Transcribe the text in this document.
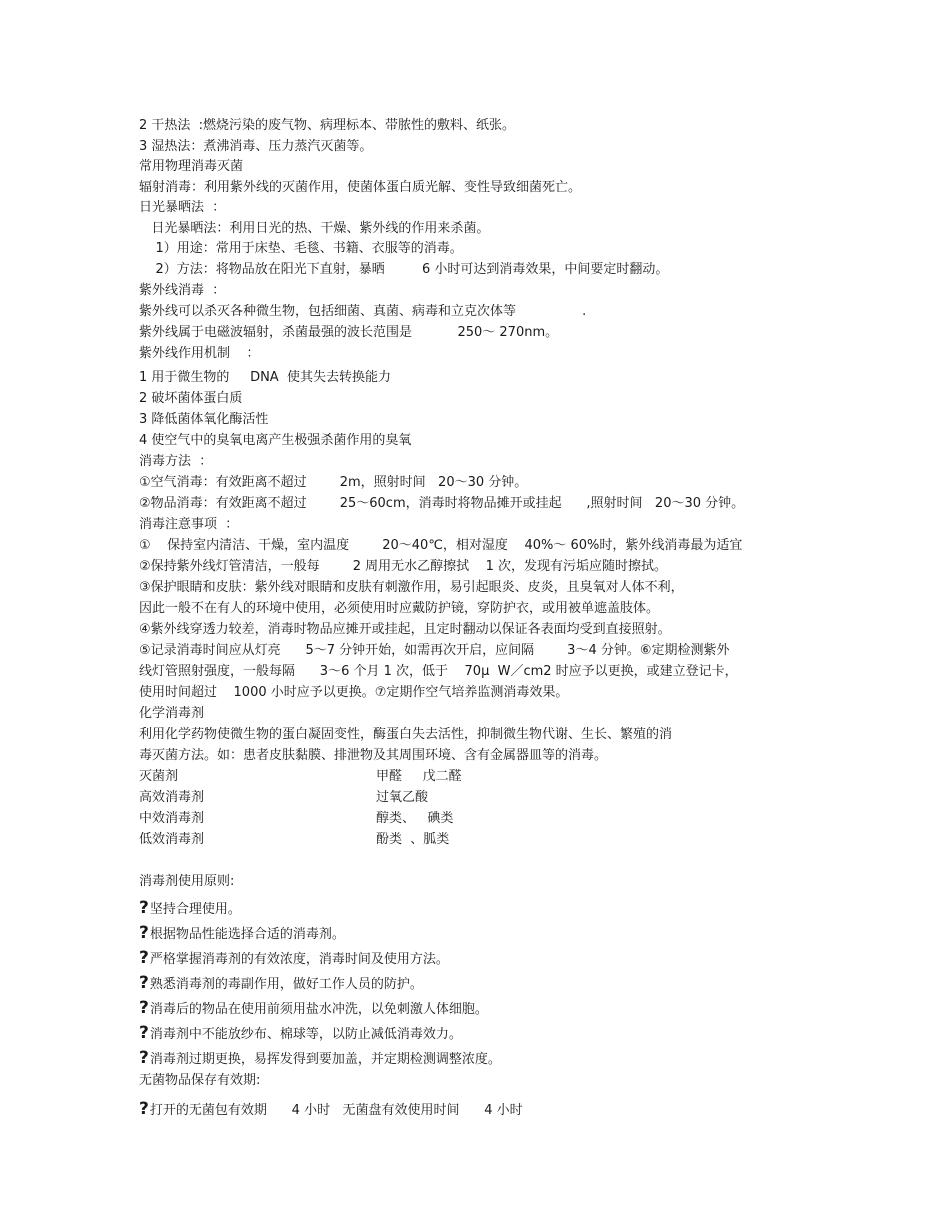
2 干热法  :燃烧污染的废气物、病理标本、带脓性的敷料、纸张。
3 湿热法：煮沸消毒、压力蒸汽灭菌等。
常用物理消毒灭菌
辐射消毒：利用紫外线的灭菌作用，使菌体蛋白质光解、变性导致细菌死亡。
日光暴晒法  ：
日光暴晒法：利用日光的热、干燥、紫外线的作用来杀菌。
1）用途：常用于床垫、毛毯、书籍、衣服等的消毒。
2）方法：将物品放在阳光下直射，暴晒         6 小时可达到消毒效果，中间要定时翻动。
紫外线消毒  ：
紫外线可以杀灭各种微生物，包括细菌、真菌、病毒和立克次体等                .
紫外线属于电磁波辐射，杀菌最强的波长范围是           250～ 270nm。
紫外线作用机制    ：
1 用于微生物的     DNA  使其失去转换能力
2 破坏菌体蛋白质
3 降低菌体氧化酶活性
4 使空气中的臭氧电离产生极强杀菌作用的臭氧
消毒方法  ：
①空气消毒：有效距离不超过        2m，照射时间   20～30 分钟。
②物品消毒：有效距离不超过        25～60cm，消毒时将物品摊开或挂起      ,照射时间   20～30 分钟。
消毒注意事项  ：
①    保持室内清洁、干燥，室内温度        20～40℃，相对湿度    40%～ 60%时，紫外线消毒最为适宜
②保持紫外线灯管清洁，一般每        2 周用无水乙醇擦拭    1 次，发现有污垢应随时擦拭。
③保护眼睛和皮肤：紫外线对眼睛和皮肤有刺激作用，易引起眼炎、皮炎，且臭氧对人体不利，
因此一般不在有人的环境中使用，必须使用时应戴防护镜，穿防护衣，或用被单遮盖肢体。
④紫外线穿透力较差，消毒时物品应摊开或挂起，且定时翻动以保证各表面均受到直接照射。
⑤记录消毒时间应从灯亮      5～7 分钟开始，如需再次开启，应间隔        3～4 分钟。⑥定期检测紫外
线灯管照射强度，一般每隔      3～6 个月 1 次，低于    70μ  W／cm2 时应予以更换，或建立登记卡，
使用时间超过    1000 小时应予以更换。⑦定期作空气培养监测消毒效果。
化学消毒剂
利用化学药物使微生物的蛋白凝固变性，酶蛋白失去活性，抑制微生物代谢、生长、繁殖的消
毒灭菌方法。如：患者皮肤黏膜、排泄物及其周围环境、含有金属器皿等的消毒。
灭菌剂	甲醛     戊二醛
高效消毒剂	过氧乙酸
中效消毒剂	醇类、   碘类
低效消毒剂	酚类  、胍类
消毒剂使用原则:
?坚持合理使用。
?根据物品性能选择合适的消毒剂。
?严格掌握消毒剂的有效浓度，消毒时间及使用方法。
?熟悉消毒剂的毒副作用，做好工作人员的防护。
?消毒后的物品在使用前须用盐水冲洗，以免刺激人体细胞。
?消毒剂中不能放纱布、棉球等，以防止减低消毒效力。
?消毒剂过期更换，易挥发得到要加盖，并定期检测调整浓度。
无菌物品保存有效期:
?打开的无菌包有效期      4 小时   无菌盘有效使用时间      4 小时
